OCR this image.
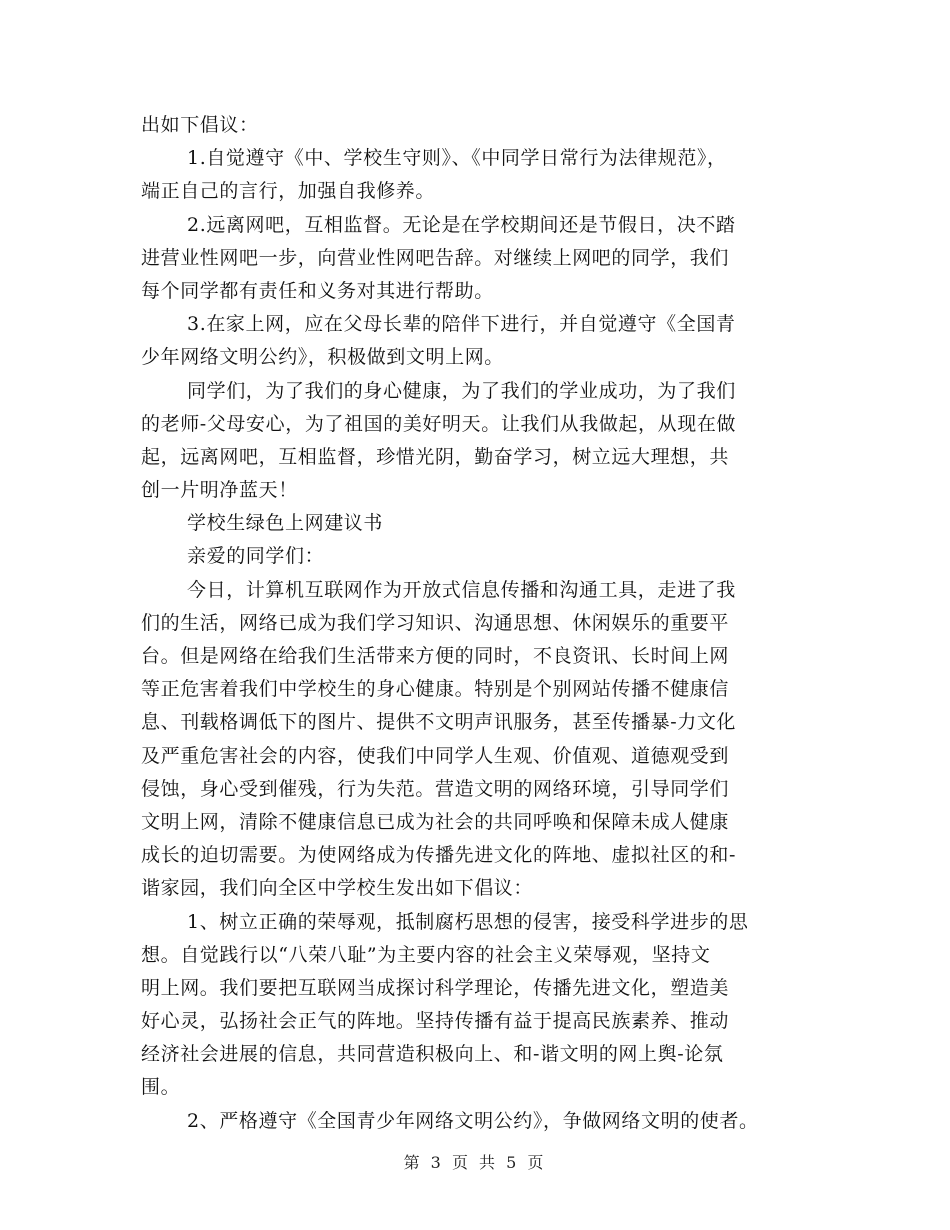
出如下倡议：
1.自觉遵守《中、学校生守则》、《中同学日常行为法律规范》，
端正自己的言行，加强自我修养。
2.远离网吧，互相监督。无论是在学校期间还是节假日，决不踏
进营业性网吧一步，向营业性网吧告辞。对继续上网吧的同学，我们
每个同学都有责任和义务对其进行帮助。
3.在家上网，应在父母长辈的陪伴下进行，并自觉遵守《全国青
少年网络文明公约》，积极做到文明上网。
同学们，为了我们的身心健康，为了我们的学业成功，为了我们
的老师-父母安心，为了祖国的美好明天。让我们从我做起，从现在做
起，远离网吧，互相监督，珍惜光阴，勤奋学习，树立远大理想，共
创一片明净蓝天！
学校生绿色上网建议书
亲爱的同学们：
今日，计算机互联网作为开放式信息传播和沟通工具，走进了我
们的生活，网络已成为我们学习知识、沟通思想、休闲娱乐的重要平
台。但是网络在给我们生活带来方便的同时，不良资讯、长时间上网
等正危害着我们中学校生的身心健康。特别是个别网站传播不健康信
息、刊载格调低下的图片、提供不文明声讯服务，甚至传播暴-力文化
及严重危害社会的内容，使我们中同学人生观、价值观、道德观受到
侵蚀，身心受到催残，行为失范。营造文明的网络环境，引导同学们
文明上网，清除不健康信息已成为社会的共同呼唤和保障未成人健康
成长的迫切需要。为使网络成为传播先进文化的阵地、虚拟社区的和-
谐家园，我们向全区中学校生发出如下倡议：
1、树立正确的荣辱观，抵制腐朽思想的侵害，接受科学进步的思
想。自觉践行以“八荣八耻”为主要内容的社会主义荣辱观，坚持文
明上网。我们要把互联网当成探讨科学理论，传播先进文化，塑造美
好心灵，弘扬社会正气的阵地。坚持传播有益于提高民族素养、推动
经济社会进展的信息，共同营造积极向上、和-谐文明的网上舆-论氛
围。
2、严格遵守《全国青少年网络文明公约》，争做网络文明的使者。
第 3 页 共 5 页
